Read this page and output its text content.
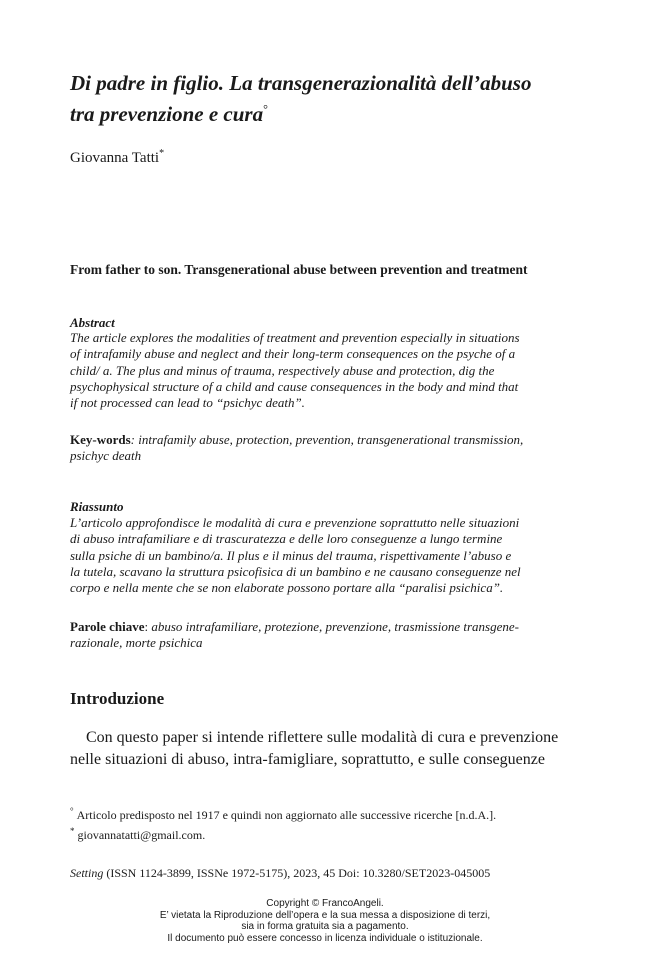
Di padre in figlio. La transgenerazionalità dell’abuso
tra prevenzione e cura°
Giovanna Tatti*
From father to son. Transgenerational abuse between prevention and treatment
Abstract
The article explores the modalities of treatment and prevention especially in situations
of intrafamily abuse and neglect and their long-term consequences on the psyche of a
child/ a. The plus and minus of trauma, respectively abuse and protection, dig the
psychophysical structure of a child and cause consequences in the body and mind that
if not processed can lead to “psichyc death”.
Key-words: intrafamily abuse, protection, prevention, transgenerational transmission,
psichyc death
Riassunto
L’articolo approfondisce le modalità di cura e prevenzione soprattutto nelle situazioni
di abuso intrafamiliare e di trascuratezza e delle loro conseguenze a lungo termine
sulla psiche di un bambino/a. Il plus e il minus del trauma, rispettivamente l’abuso e
la tutela, scavano la struttura psicofisica di un bambino e ne causano conseguenze nel
corpo e nella mente che se non elaborate possono portare alla “paralisi psichica”.
Parole chiave: abuso intrafamiliare, protezione, prevenzione, trasmissione transgene-
razionale, morte psichica
Introduzione
Con questo paper si intende riflettere sulle modalità di cura e prevenzione
nelle situazioni di abuso, intra-famigliare, soprattutto, e sulle conseguenze
° Articolo predisposto nel 1917 e quindi non aggiornato alle successive ricerche [n.d.A.].
* giovannatatti@gmail.com.
Setting (ISSN 1124-3899, ISSNe 1972-5175), 2023, 45 Doi: 10.3280/SET2023-045005
Copyright © FrancoAngeli.
E’ vietata la Riproduzione dell’opera e la sua messa a disposizione di terzi,
sia in forma gratuita sia a pagamento.
Il documento può essere concesso in licenza individuale o istituzionale.
